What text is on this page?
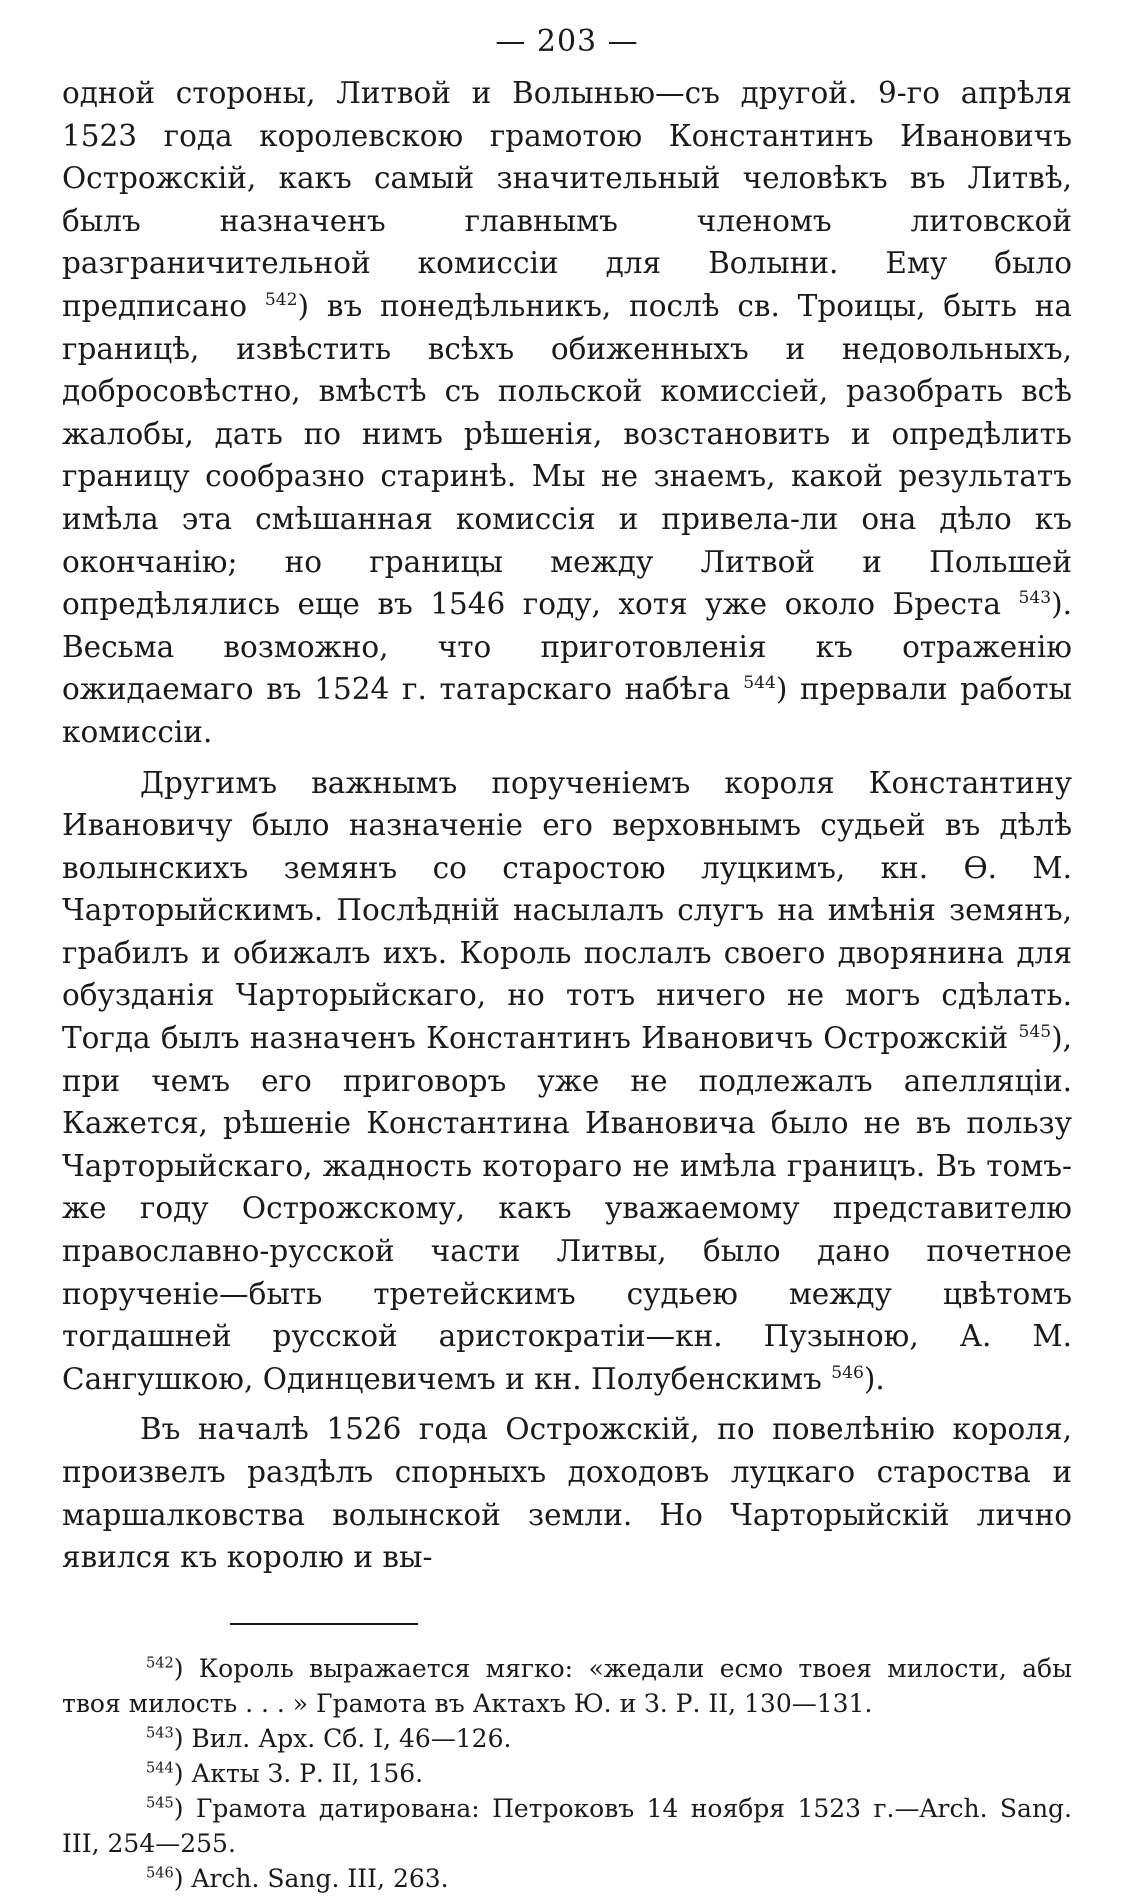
— 203 —

одной стороны, Литвой и Волынью—съ другой. 9-го апрѣля 1523 года королевскою грамотою Константинъ Ивановичъ Острожскій, какъ самый значительный человѣкъ въ Литвѣ, былъ назначенъ главнымъ членомъ литовской разграничительной комиссіи для Волыни. Ему было предписано $^{542}$) въ понедѣльникъ, послѣ св. Троицы, быть на границѣ, извѣстить всѣхъ обиженныхъ и недовольныхъ, добросовѣстно, вмѣстѣ съ польской комиссіей, разобрать всѣ жалобы, дать по нимъ рѣшенія, возстановить и опредѣлить границу сообразно старинѣ. Мы не знаемъ, какой результатъ имѣла эта смѣшанная комиссія и привела-ли она дѣло къ окончанію; но границы между Литвой и Польшей опредѣлялись еще въ 1546 году, хотя уже около Бреста $^{543}$). Весьма возможно, что приготовленія къ отраженію ожидаемаго въ 1524 г. татарскаго набѣга $^{544}$) прервали работы комиссіи.

Другимъ важнымъ порученіемъ короля Константину Ивановичу было назначеніе его верховнымъ судьей въ дѣлѣ волынскихъ земянъ со старостою луцкимъ, кн. Ѳ. М. Чарторыйскимъ. Послѣдній насылалъ слугъ на имѣнія земянъ, грабилъ и обижалъ ихъ. Король послалъ своего дворянина для обузданія Чарторыйскаго, но тотъ ничего не могъ сдѣлать. Тогда былъ назначенъ Константинъ Ивановичъ Острожскій $^{545}$), при чемъ его приговоръ уже не подлежалъ апелляціи. Кажется, рѣшеніе Константина Ивановича было не въ пользу Чарторыйскаго, жадность котораго не имѣла границъ. Въ томъ-же году Острожскому, какъ уважаемому представителю православно-русской части Литвы, было дано почетное порученіе—быть третейскимъ судьею между цвѣтомъ тогдашней русской аристократіи—кн. Пузыною, А. М. Сангушкою, Одинцевичемъ и кн. Полубенскимъ $^{546}$).

Въ началѣ 1526 года Острожскій, по повелѣнію короля, произвелъ раздѣлъ спорныхъ доходовъ луцкаго староства и маршалковства волынской земли. Но Чарторыйскій лично явился къ королю и вы-

$^{542}$) Король выражается мягко: «жедали есмо твоея милости, абы твоя милость . . . » Грамота въ Актахъ Ю. и З. Р. II, 130—131.

$^{543}$) Вил. Арх. Сб. I, 46—126.

$^{544}$) Акты З. Р. II, 156.

$^{545}$) Грамота датирована: Петроковъ 14 ноября 1523 г.—Arch. Sang. III, 254—255.

$^{546}$) Arch. Sang. III, 263.
